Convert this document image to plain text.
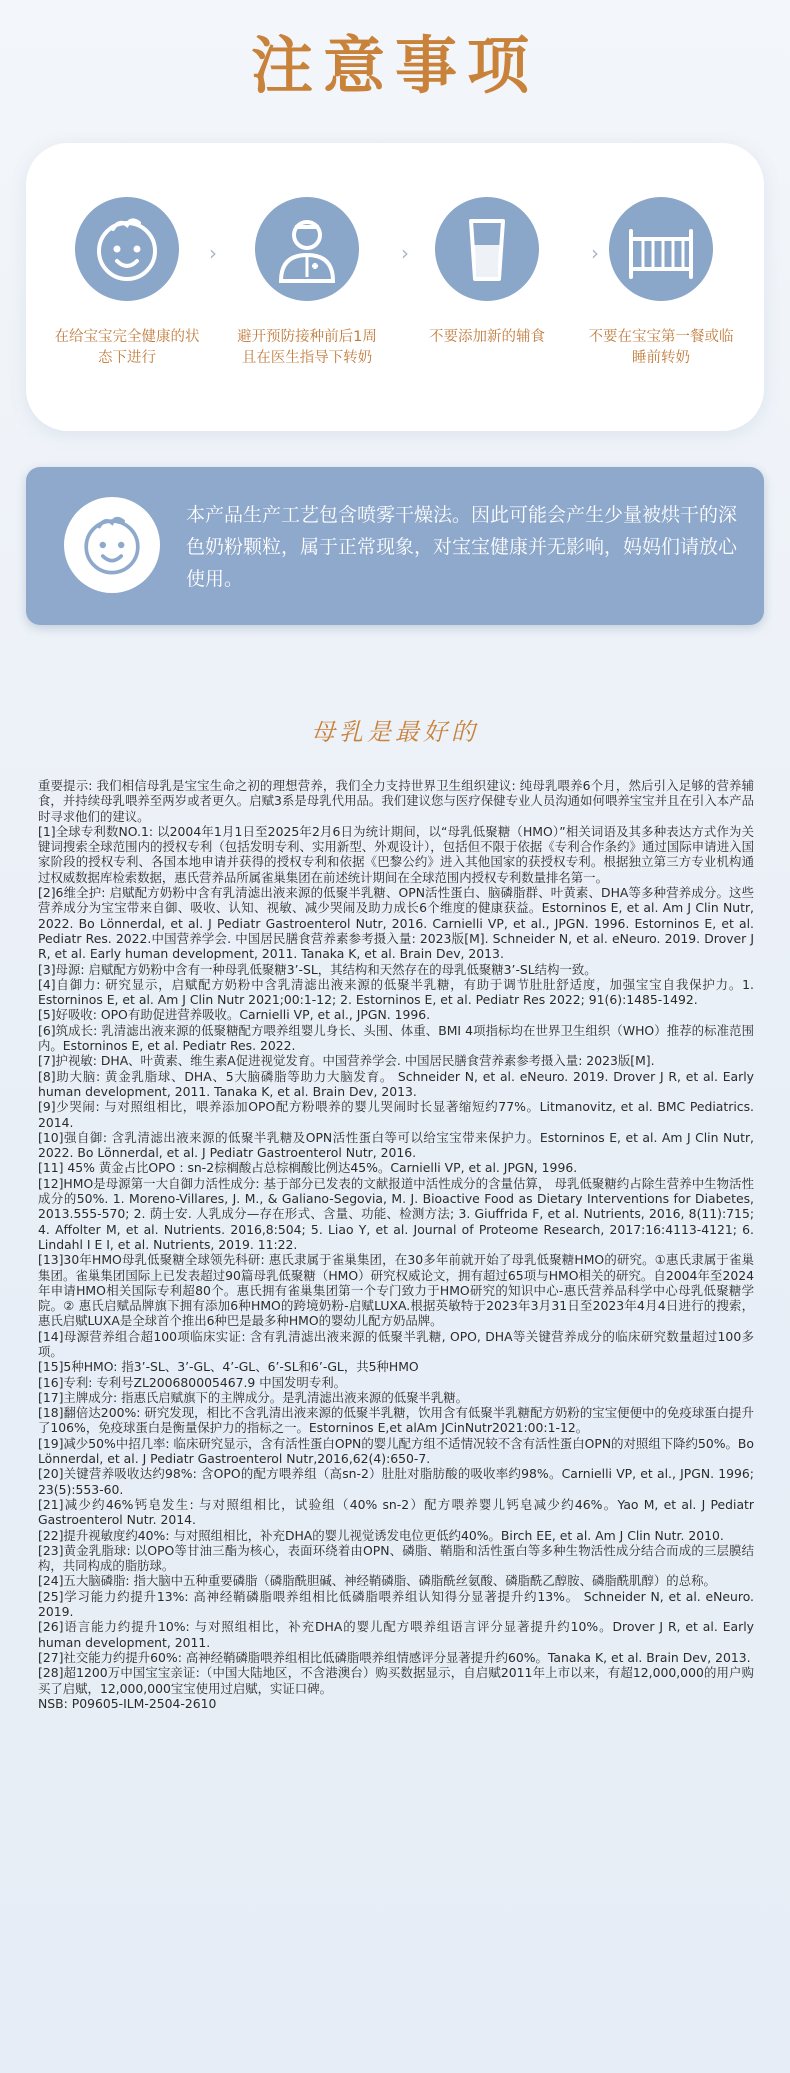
注意事项
在给宝宝完全健康的状态下进行
›
避开预防接种前后1周且在医生指导下转奶
›
不要添加新的辅食
›
不要在宝宝第一餐或临睡前转奶
本产品生产工艺包含喷雾干燥法。因此可能会产生少量被烘干的深色奶粉颗粒，属于正常现象，对宝宝健康并无影响，妈妈们请放心使用。
母乳是最好的

重要提示: 我们相信母乳是宝宝生命之初的理想营养，我们全力支持世界卫生组织建议: 纯母乳喂养6个月，然后引入足够的营养辅食，并持续母乳喂养至两岁或者更久。启赋3系是母乳代用品。我们建议您与医疗保健专业人员沟通如何喂养宝宝并且在引入本产品时寻求他们的建议。

[1]全球专利数NO.1: 以2004年1月1日至2025年2月6日为统计期间，以“母乳低聚糖（HMO）”相关词语及其多种表达方式作为关键词搜索全球范围内的授权专利（包括发明专利、实用新型、外观设计），包括但不限于依据《专利合作条约》通过国际申请进入国家阶段的授权专利、各国本地申请并获得的授权专利和依据《巴黎公约》进入其他国家的获授权专利。根据独立第三方专业机构通过权威数据库检索数据，惠氏营养品所属雀巢集团在前述统计期间在全球范围内授权专利数量排名第一。

[2]6维全护: 启赋配方奶粉中含有乳清滤出液来源的低聚半乳糖、OPN活性蛋白、脑磷脂群、叶黄素、DHA等多种营养成分。这些营养成分为宝宝带来自御、吸收、认知、视敏、减少哭闹及助力成长6个维度的健康获益。Estorninos E, et al. Am J Clin Nutr, 2022. Bo Lönnerdal, et al. J Pediatr Gastroenterol Nutr, 2016. Carnielli VP, et al., JPGN. 1996. Estorninos E, et al. Pediatr Res. 2022.中国营养学会. 中国居民膳食营养素参考摄入量: 2023版[M]. Schneider N, et al. eNeuro. 2019. Drover J R, et al. Early human development, 2011. Tanaka K, et al. Brain Dev, 2013.

[3]母源: 启赋配方奶粉中含有一种母乳低聚糖3’-SL，其结构和天然存在的母乳低聚糖3’-SL结构一致。

[4]自御力: 研究显示，启赋配方奶粉中含乳清滤出液来源的低聚半乳糖，有助于调节肚肚舒适度，加强宝宝自我保护力。1. Estorninos E, et al. Am J Clin Nutr 2021;00:1-12; 2. Estorninos E, et al. Pediatr Res 2022; 91(6):1485-1492.

[5]好吸收: OPO有助促进营养吸收。Carnielli VP, et al., JPGN. 1996.

[6]筑成长: 乳清滤出液来源的低聚糖配方喂养组婴儿身长、头围、体重、BMI 4项指标均在世界卫生组织（WHO）推荐的标准范围内。Estorninos E, et al. Pediatr Res. 2022.

[7]护视敏: DHA、叶黄素、维生素A促进视觉发育。中国营养学会. 中国居民膳食营养素参考摄入量: 2023版[M].

[8]助大脑: 黄金乳脂球、DHA、5大脑磷脂等助力大脑发育。 Schneider N, et al. eNeuro. 2019. Drover J R, et al. Early human development, 2011. Tanaka K, et al. Brain Dev, 2013.

[9]少哭闹: 与对照组相比，喂养添加OPO配方粉喂养的婴儿哭闹时长显著缩短约77%。Litmanovitz, et al. BMC Pediatrics. 2014.

[10]强自御: 含乳清滤出液来源的低聚半乳糖及OPN活性蛋白等可以给宝宝带来保护力。Estorninos E, et al. Am J Clin Nutr, 2022. Bo Lönnerdal, et al. J Pediatr Gastroenterol Nutr, 2016.

[11] 45% 黄金占比OPO : sn-2棕榈酸占总棕榈酸比例达45%。Carnielli VP, et al. JPGN, 1996.

[12]HMO是母源第一大自御力活性成分: 基于部分已发表的文献报道中活性成分的含量估算， 母乳低聚糖约占除生营养中生物活性成分的50%. 1. Moreno-Villares, J. M., & Galiano-Segovia, M. J. Bioactive Food as Dietary Interventions for Diabetes, 2013.555-570; 2. 荫士安. 人乳成分—存在形式、含量、功能、检测方法; 3. Giuffrida F, et al. Nutrients, 2016, 8(11):715; 4. Affolter M, et al. Nutrients. 2016,8:504; 5. Liao Y, et al. Journal of Proteome Research, 2017:16:4113-4121; 6. Lindahl I E I, et al. Nutrients, 2019. 11:22.

[13]30年HMO母乳低聚糖全球领先科研: 惠氏隶属于雀巢集团，在30多年前就开始了母乳低聚糖HMO的研究。①惠氏隶属于雀巢集团。雀巢集团国际上已发表超过90篇母乳低聚糖（HMO）研究权威论文，拥有超过65项与HMO相关的研究。自2004年至2024年申请HMO相关国际专利超80个。惠氏拥有雀巢集团第一个专门致力于HMO研究的知识中心-惠氏营养品科学中心母乳低聚糖学院。② 惠氏启赋品牌旗下拥有添加6种HMO的跨境奶粉-启赋LUXA.根据英敏特于2023年3月31日至2023年4月4日进行的搜索，惠氏启赋LUXA是全球首个推出6种巴是最多种HMO的婴幼儿配方奶品牌。

[14]母源营养组合超100项临床实证: 含有乳清滤出液来源的低聚半乳糖, OPO, DHA等关键营养成分的临床研究数量超过100多项。

[15]5种HMO: 指3’-SL、3’-GL、4’-GL、6’-SL和6’-GL，共5种HMO

[16]专利: 专利号ZL200680005467.9 中国发明专利。

[17]主牌成分: 指惠氏启赋旗下的主牌成分。是乳清滤出液来源的低聚半乳糖。

[18]翻倍达200%: 研究发现，相比不含乳清出液来源的低聚半乳糖，饮用含有低聚半乳糖配方奶粉的宝宝便便中的免疫球蛋白提升了106%，免疫球蛋白是衡量保护力的指标之一。Estorninos E,et alAm JCinNutr2021:00:1-12。

[19]减少50%中招几率: 临床研究显示，含有活性蛋白OPN的婴儿配方组不适情况较不含有活性蛋白OPN的对照组下降约50%。Bo Lönnerdal, et al. J Pediatr Gastroenterol Nutr,2016,62(4):650-7.

[20]关键营养吸收达约98%: 含OPO的配方喂养组（高sn-2）肚肚对脂肪酸的吸收率约98%。Carnielli VP, et al., JPGN. 1996; 23(5):553-60.

[21]减少约46%钙皂发生: 与对照组相比，试验组（40% sn-2）配方喂养婴儿钙皂减少约46%。Yao M, et al. J Pediatr Gastroenterol Nutr. 2014.

[22]提升视敏度约40%: 与对照组相比，补充DHA的婴儿视觉诱发电位更低约40%。Birch EE, et al. Am J Clin Nutr. 2010.

[23]黄金乳脂球: 以OPO等甘油三酯为核心，表面环绕着由OPN、磷脂、鞘脂和活性蛋白等多种生物活性成分结合而成的三层膜结构，共同构成的脂肪球。

[24]五大脑磷脂: 指大脑中五种重要磷脂（磷脂酰胆碱、神经鞘磷脂、磷脂酰丝氨酸、磷脂酰乙醇胺、磷脂酰肌醇）的总称。

[25]学习能力约提升13%: 高神经鞘磷脂喂养组相比低磷脂喂养组认知得分显著提升约13%。 Schneider N, et al. eNeuro. 2019.

[26]语言能力约提升10%: 与对照组相比，补充DHA的婴儿配方喂养组语言评分显著提升约10%。Drover J R, et al. Early human development, 2011.

[27]社交能力约提升60%: 高神经鞘磷脂喂养组相比低磷脂喂养组情感评分显著提升约60%。Tanaka K, et al. Brain Dev, 2013.

[28]超1200万中国宝宝亲证:（中国大陆地区，不含港澳台）购买数据显示，自启赋2011年上市以来，有超12,000,000的用户购买了启赋，12,000,000宝宝使用过启赋，实证口碑。

NSB: P09605-ILM-2504-2610
